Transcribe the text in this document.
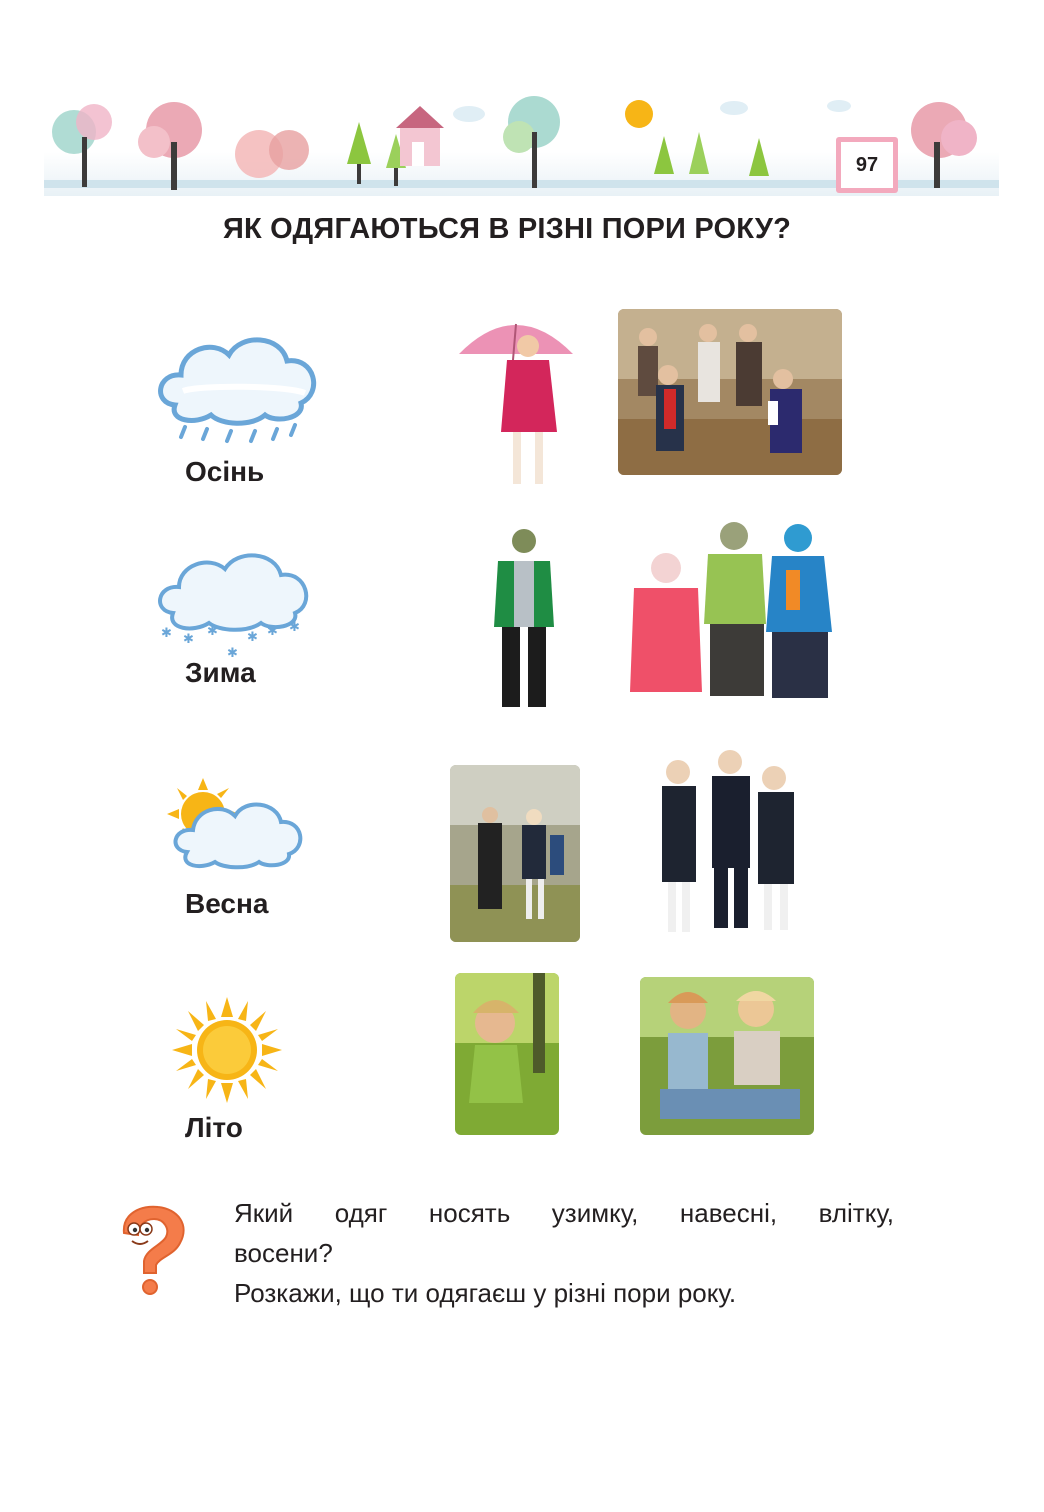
97
ЯК ОДЯГАЮТЬСЯ В РІЗНІ ПОРИ РОКУ?
Осінь
✱ ✱
✱
✱
✱ ✱ ✱
Зима
Весна
Літо
Який одяг носять узимку, навесні, влітку,
восени?
Розкажи, що ти одягаєш у різні пори року.
